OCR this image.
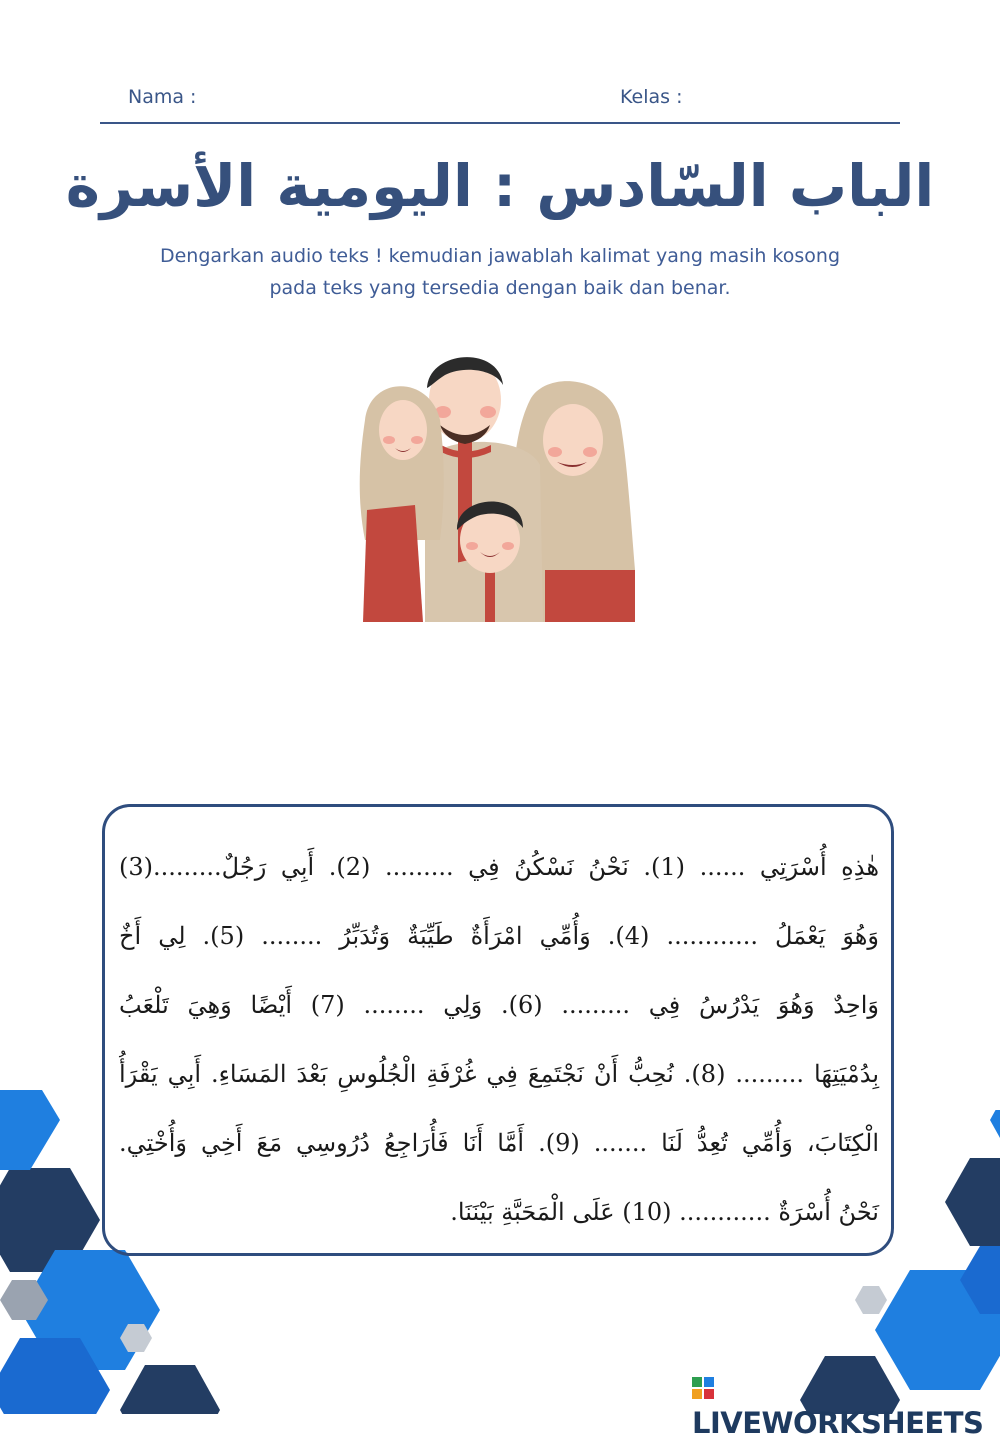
Nama :	Kelas :
الباب السّادس : اليومية الأسرة
Dengarkan audio teks ! kemudian jawablah kalimat yang masih kosong
pada teks yang tersedia dengan baik dan benar.
هٰذِهِ أُسْرَتِي ...... (1). نَحْنُ نَسْكُنُ فِي ......... (2). أَبِي رَجُلٌ.........(3)
وَهُوَ يَعْمَلُ ............ (4). وَأُمِّي امْرَأَةٌ طَيِّبَةٌ وَتُدَبِّرُ ........ (5). لِي أَخٌ
وَاحِدٌ وَهُوَ يَدْرُسُ فِي ......... (6). وَلِي ........ (7) أَيْضًا وَهِيَ تَلْعَبُ
بِدُمْيَتِهَا ......... (8). نُحِبُّ أَنْ نَجْتَمِعَ فِي غُرْفَةِ الْجُلُوسِ بَعْدَ المَسَاءِ. أَبِي يَقْرَأُ
الْكِتَابَ، وَأُمِّي تُعِدُّ لَنَا ....... (9). أَمَّا أَنَا فَأُرَاجِعُ دُرُوسِي مَعَ أَخِي وَأُخْتِي.
نَحْنُ أُسْرَةٌ ............ (10) عَلَى الْمَحَبَّةِ بَيْنَنَا.
LIVEWORKSHEETS
